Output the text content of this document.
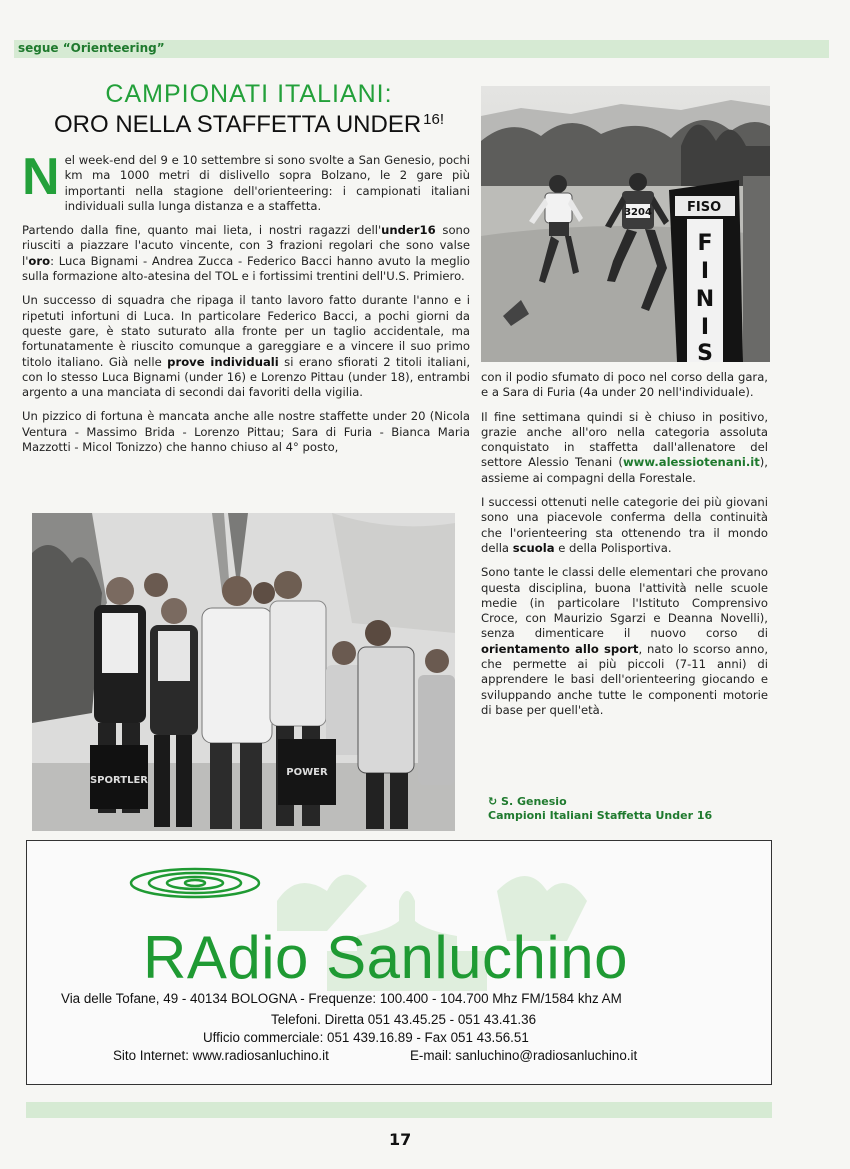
segue “Orienteering”
CAMPIONATI ITALIANI:
ORO NELLA STAFFETTA UNDER $^{16!}$
3204	FISO
F
I
N
I
S

Nel week-end del 9 e 10 settembre si sono svolte a San Genesio, pochi km ma 1000 metri di dislivello sopra Bolzano, le 2 gare più importanti nella stagione dell'orienteering: i campionati italiani individuali sulla lunga distanza e a staffetta.

Partendo dalla fine, quanto mai lieta, i nostri ragazzi dell'under16 sono riusciti a piazzare l'acuto vincente, con 3 frazioni regolari che sono valse l'oro: Luca Bignami - Andrea Zucca - Federico Bacci hanno avuto la meglio sulla formazione alto-atesina del TOL e i fortissimi trentini dell'U.S. Primiero.

Un successo di squadra che ripaga il tanto lavoro fatto durante l'anno e i ripetuti infortuni di Luca. In particolare Federico Bacci, a pochi giorni da queste gare, è stato suturato alla fronte per un taglio accidentale, ma fortunatamente è riuscito comunque a gareggiare e a vincere il suo primo titolo italiano. Già nelle prove individuali si erano sfiorati 2 titoli italiani, con lo stesso Luca Bignami (under 16) e Lorenzo Pittau (under 18), entrambi argento a una manciata di secondi dai favoriti della vigilia.

Un pizzico di fortuna è mancata anche alle nostre staffette under 20 (Nicola Ventura - Massimo Brida - Lorenzo Pittau; Sara di Furia - Bianca Maria Mazzotti - Micol Tonizzo) che hanno chiuso al 4° posto,

SPORTLER
POWER

con il podio sfumato di poco nel corso della gara, e a Sara di Furia (4a under 20 nell'individuale).

Il fine settimana quindi si è chiuso in positivo, grazie anche all'oro nella categoria assoluta conquistato in staffetta dall'allenatore del settore Alessio Tenani (www.alessiotenani.it), assieme ai compagni della Forestale.

I successi ottenuti nelle categorie dei più giovani sono una piacevole conferma della continuità che l'orienteering sta ottenendo tra il mondo della scuola e della Polisportiva.

Sono tante le classi delle elementari che provano questa disciplina, buona l'attività nelle scuole medie (in particolare l'Istituto Comprensivo Croce, con Maurizio Sgarzi e Deanna Novelli), senza dimenticare il nuovo corso di orientamento allo sport, nato lo scorso anno, che permette ai più piccoli (7-11 anni) di apprendere le basi dell'orienteering giocando e sviluppando anche tutte le componenti motorie di base per quell'età.

↻ S. Genesio
Campioni Italiani Staffetta Under 16
RAdio Sanluchino
Via delle Tofane, 49 - 40134 BOLOGNA - Frequenze: 100.400 - 104.700 Mhz FM/1584 khz AM
Telefoni. Diretta 051 43.45.25 - 051 43.41.36
Ufficio commerciale: 051 439.16.89 - Fax 051 43.56.51
Sito Internet: www.radiosanluchino.it	E-mail: sanluchino@radiosanluchino.it
17
